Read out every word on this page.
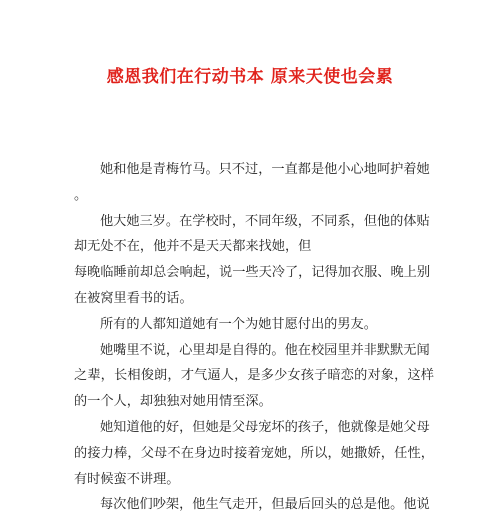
感恩我们在行动书本 原来天使也会累
她和他是青梅竹马。只不过，一直都是他小心地呵护着她
。
他大她三岁。在学校时，不同年级，不同系，但他的体贴
却无处不在，他并不是天天都来找她，但
每晚临睡前却总会响起，说一些天冷了，记得加衣服、晚上别
在被窝里看书的话。
所有的人都知道她有一个为她甘愿付出的男友。
她嘴里不说，心里却是自得的。他在校园里并非默默无闻
之辈，长相俊朗，才气逼人，是多少女孩子暗恋的对象，这样
的一个人，却独独对她用情至深。
她知道他的好，但她是父母宠坏的孩子，他就像是她父母
的接力棒，父母不在身边时接着宠她，所以，她撒娇，任性，
有时候蛮不讲理。
每次他们吵架，他生气走开，但最后回头的总是他。他说
